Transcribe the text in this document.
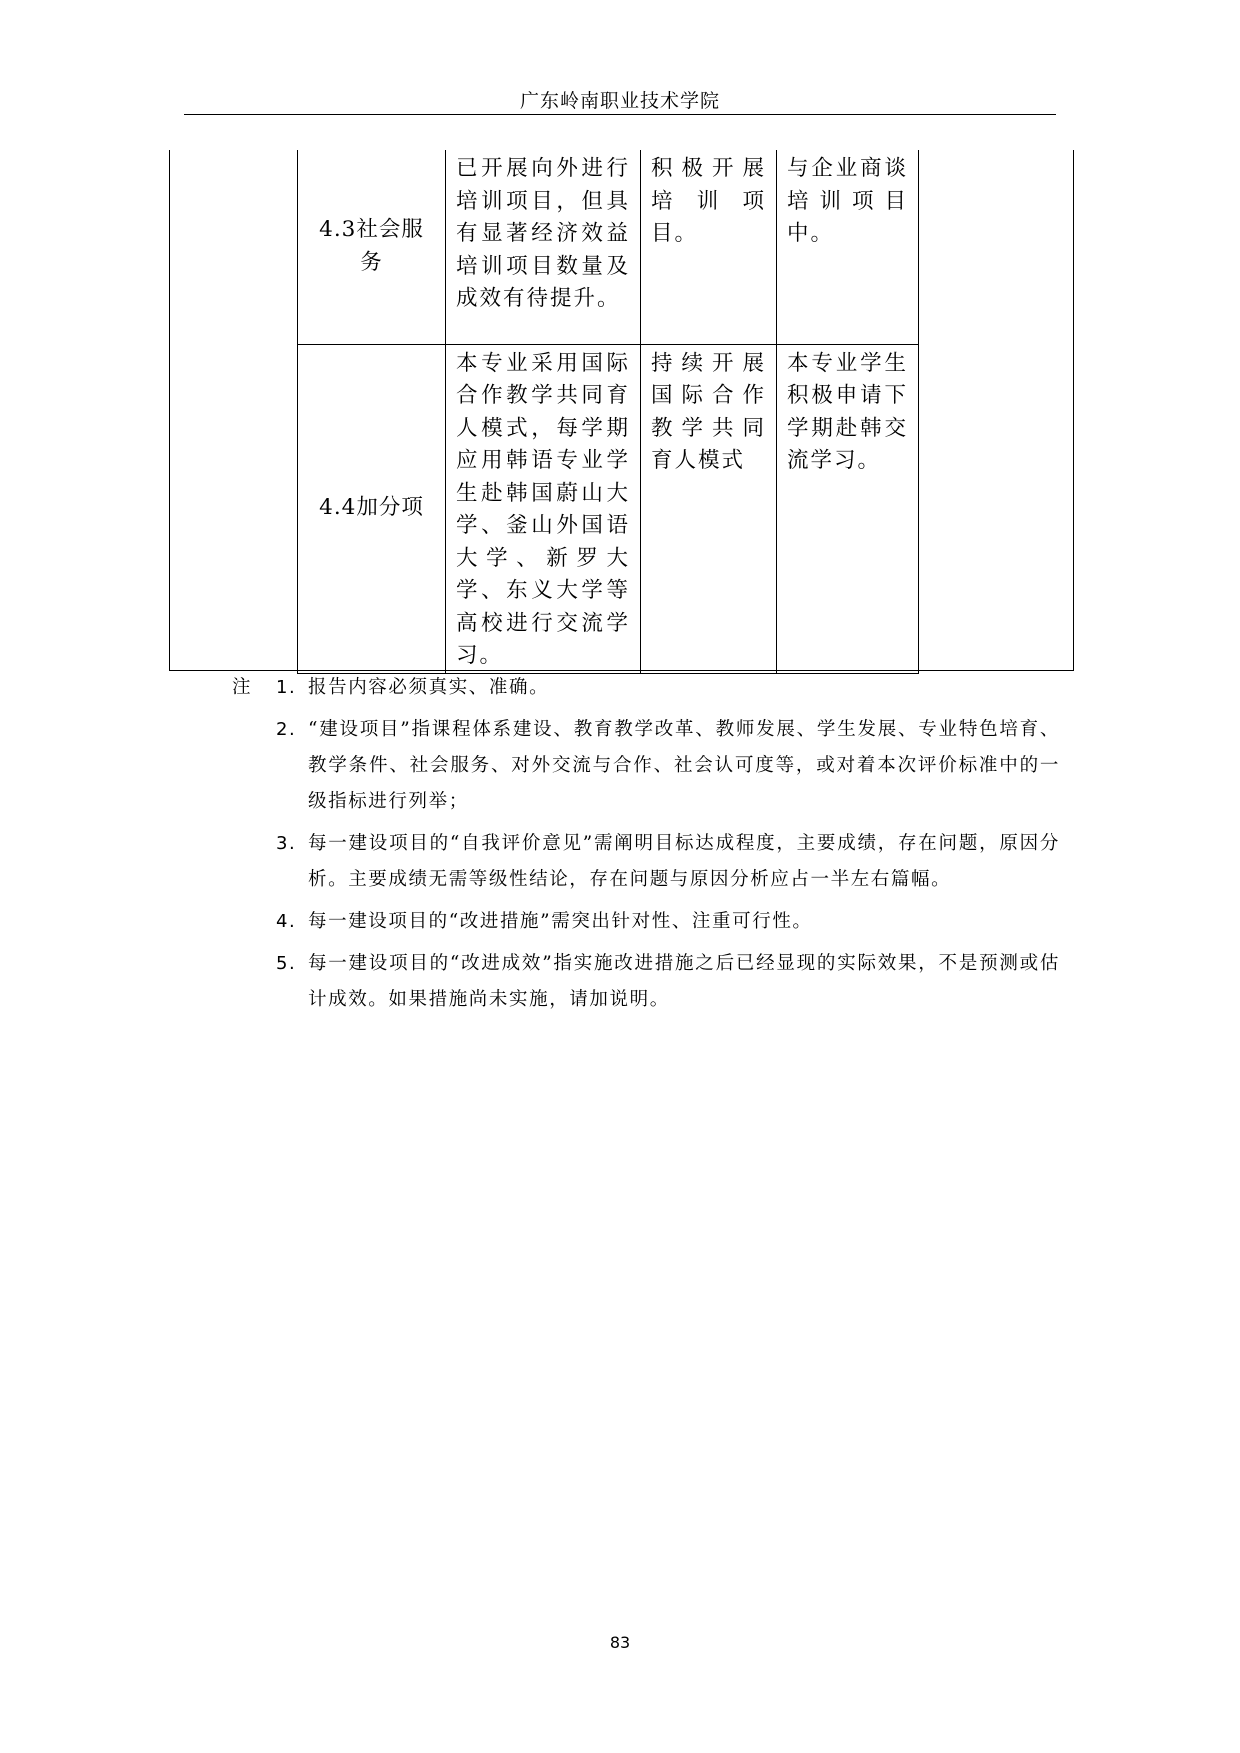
广东岭南职业技术学院
4.3社会服务	已开展向外进行培训项目，但具有显著经济效益培训项目数量及成效有待提升。	积极开展培训项目。	与企业商谈培训项目中。
4.4加分项	本专业采用国际合作教学共同育人模式，每学期应用韩语专业学生赴韩国蔚山大学、釜山外国语大学、新罗大学、东义大学等高校进行交流学习。	持续开展国际合作教学共同育人模式	本专业学生积极申请下学期赴韩交流学习。
注 1. 报告内容必须真实、准确。
2. “建设项目”指课程体系建设、教育教学改革、教师发展、学生发展、专业特色培育、教学条件、社会服务、对外交流与合作、社会认可度等，或对着本次评价标准中的一级指标进行列举；
3. 每一建设项目的“自我评价意见”需阐明目标达成程度，主要成绩，存在问题，原因分析。主要成绩无需等级性结论，存在问题与原因分析应占一半左右篇幅。
4. 每一建设项目的“改进措施”需突出针对性、注重可行性。
5. 每一建设项目的“改进成效”指实施改进措施之后已经显现的实际效果，不是预测或估计成效。如果措施尚未实施，请加说明。
83
